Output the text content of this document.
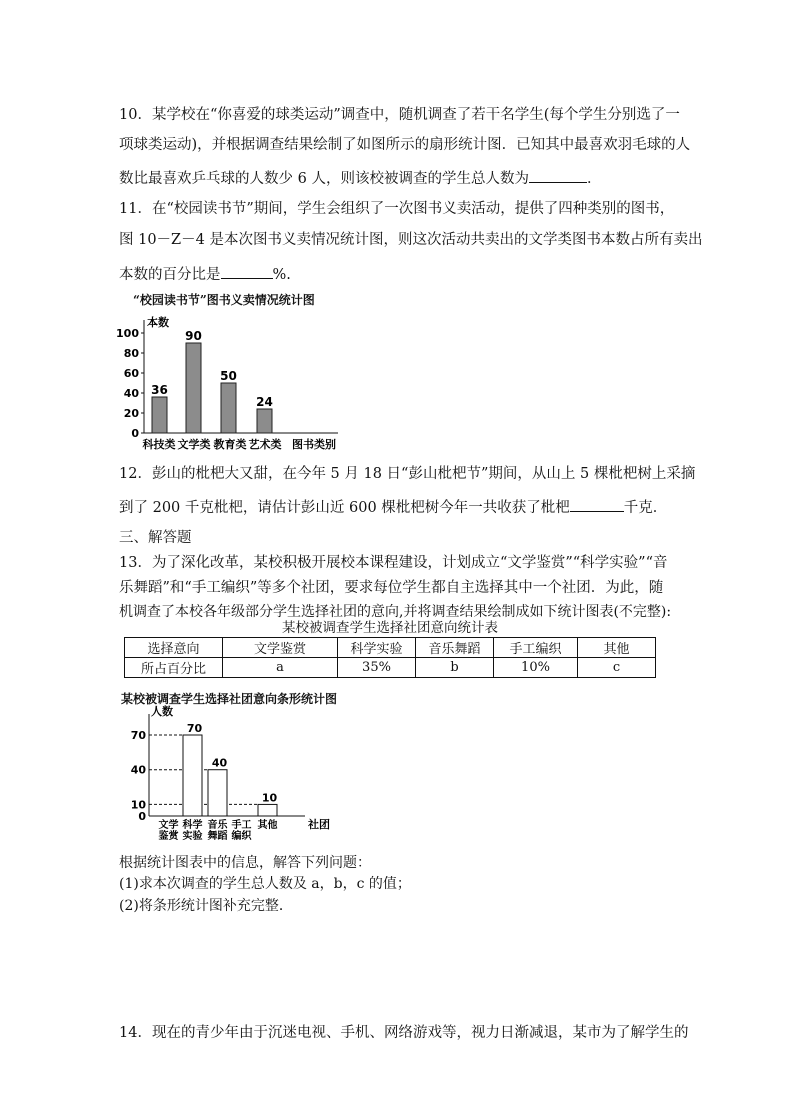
10．某学校在“你喜爱的球类运动”调查中，随机调查了若干名学生(每个学生分别选了一
项球类运动)，并根据调查结果绘制了如图所示的扇形统计图．已知其中最喜欢羽毛球的人
数比最喜欢乒乓球的人数少 6 人，则该校被调查的学生总人数为	．
11．在“校园读书节”期间，学生会组织了一次图书义卖活动，提供了四种类别的图书，
图 10－Z－4 是本次图书义卖情况统计图，则这次活动共卖出的文学类图书本数占所有卖出
本数的百分比是	%.
“校园读书节”图书义卖情况统计图
本数
0
20
40
60
80
100
36
科技类
90
文学类
50
教育类
24
艺术类 图书类别
12．彭山的枇杷大又甜，在今年 5 月 18 日“彭山枇杷节”期间，从山上 5 棵枇杷树上采摘
到了 200 千克枇杷，请估计彭山近 600 棵枇杷树今年一共收获了枇杷	千克．
三、解答题
13．为了深化改革，某校积极开展校本课程建设，计划成立“文学鉴赏”“科学实验”“音
乐舞蹈”和“手工编织”等多个社团，要求每位学生都自主选择其中一个社团．为此，随
机调查了本校各年级部分学生选择社团的意向,并将调查结果绘制成如下统计图表(不完整):
某校被调查学生选择社团意向统计表
选择意向	文学鉴赏	科学实验	音乐舞蹈	手工编织	其他
所占百分比	a	35%	b	10%	c
某校被调查学生选择社团意向条形统计图
人数
0
10
40
70
文学
鉴赏
70
科学
实验
40
音乐
舞蹈
手工
编织
10
其他	社团
根据统计图表中的信息，解答下列问题：
(1)求本次调查的学生总人数及 a，b，c 的值；
(2)将条形统计图补充完整．
14．现在的青少年由于沉迷电视、手机、网络游戏等，视力日渐减退，某市为了解学生的
